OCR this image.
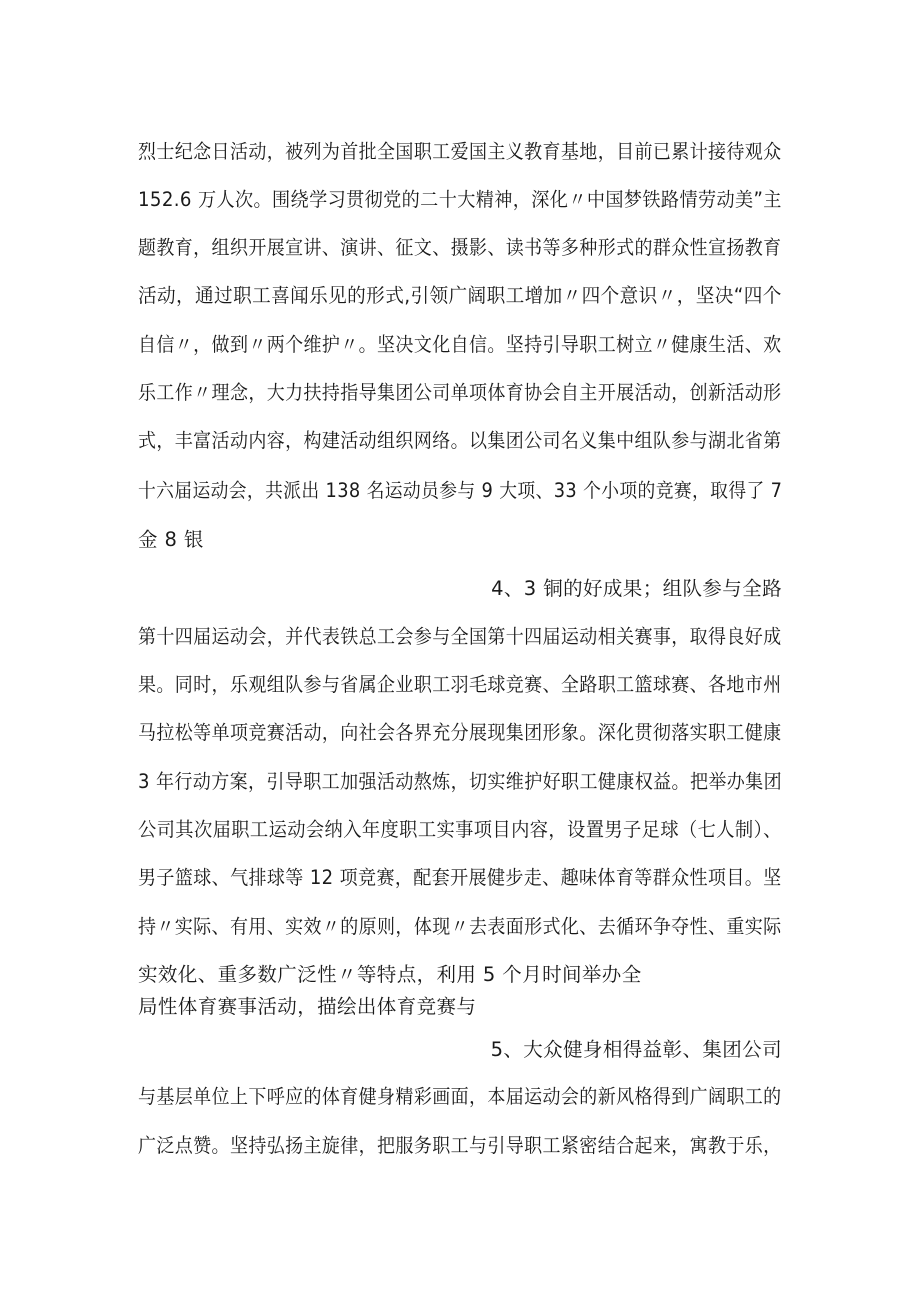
烈士纪念日活动，被列为首批全国职工爱国主义教育基地，目前已累计接待观众
152.6 万人次。围绕学习贯彻党的二十大精神，深化〃中国梦铁路情劳动美”主
题教育，组织开展宣讲、演讲、征文、摄影、读书等多种形式的群众性宣扬教育
活动，通过职工喜闻乐见的形式,引领广阔职工增加〃四个意识〃，坚决“四个
自信〃，做到〃两个维护〃。坚决文化自信。坚持引导职工树立〃健康生活、欢
乐工作〃理念，大力扶持指导集团公司单项体育协会自主开展活动，创新活动形
式，丰富活动内容，构建活动组织网络。以集团公司名义集中组队参与湖北省第
十六届运动会，共派出 138 名运动员参与 9 大项、33 个小项的竞赛，取得了 7
金 8 银
4、3 铜的好成果；组队参与全路
第十四届运动会，并代表铁总工会参与全国第十四届运动相关赛事，取得良好成
果。同时，乐观组队参与省属企业职工羽毛球竞赛、全路职工篮球赛、各地市州
马拉松等单项竞赛活动，向社会各界充分展现集团形象。深化贯彻落实职工健康
3 年行动方案，引导职工加强活动熬炼，切实维护好职工健康权益。把举办集团
公司其次届职工运动会纳入年度职工实事项目内容，设置男子足球（七人制）、
男子篮球、气排球等 12 项竞赛，配套开展健步走、趣味体育等群众性项目。坚
持〃实际、有用、实效〃的原则，体现〃去表面形式化、去循环争夺性、重实际
实效化、重多数广泛性〃等特点，利用 5 个月时间举办全
局性体育赛事活动，描绘出体育竞赛与
5、大众健身相得益彰、集团公司
与基层单位上下呼应的体育健身精彩画面，本届运动会的新风格得到广阔职工的
广泛点赞。坚持弘扬主旋律，把服务职工与引导职工紧密结合起来，寓教于乐，
